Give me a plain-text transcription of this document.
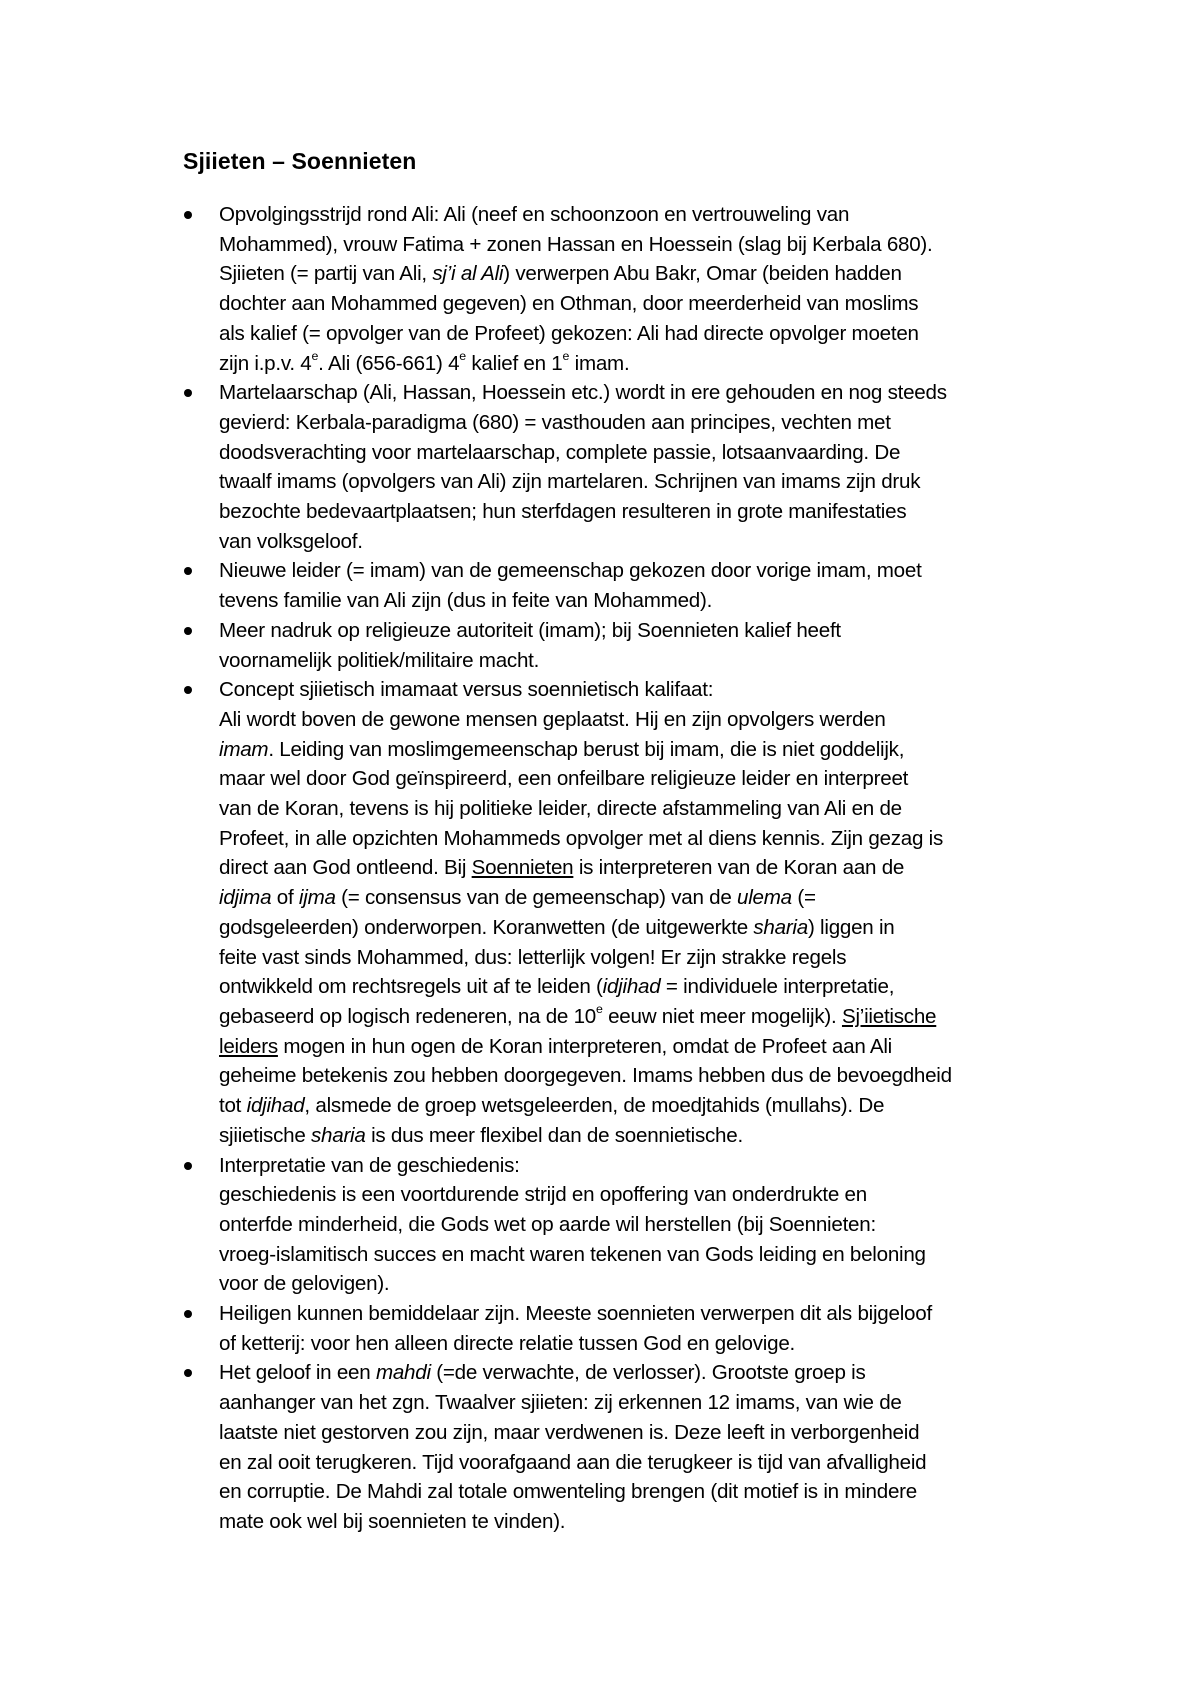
Sjiieten – Soennieten
Opvolgingsstrijd rond Ali: Ali (neef en schoonzoon en vertrouweling van
Mohammed), vrouw Fatima + zonen Hassan en Hoessein (slag bij Kerbala 680).
Sjiieten (= partij van Ali, sj’i al Ali) verwerpen Abu Bakr, Omar (beiden hadden
dochter aan Mohammed gegeven) en Othman, door meerderheid van moslims
als kalief (= opvolger van de Profeet) gekozen: Ali had directe opvolger moeten
zijn i.p.v. 4e. Ali (656-661) 4e kalief en 1e imam.
Martelaarschap (Ali, Hassan, Hoessein etc.) wordt in ere gehouden en nog steeds
gevierd: Kerbala-paradigma (680) = vasthouden aan principes, vechten met
doodsverachting voor martelaarschap, complete passie, lotsaanvaarding. De
twaalf imams (opvolgers van Ali) zijn martelaren. Schrijnen van imams zijn druk
bezochte bedevaartplaatsen; hun sterfdagen resulteren in grote manifestaties
van volksgeloof.
Nieuwe leider (= imam) van de gemeenschap gekozen door vorige imam, moet
tevens familie van Ali zijn (dus in feite van Mohammed).
Meer nadruk op religieuze autoriteit (imam); bij Soennieten kalief heeft
voornamelijk politiek/militaire macht.
Concept sjiietisch imamaat versus soennietisch kalifaat:
Ali wordt boven de gewone mensen geplaatst. Hij en zijn opvolgers werden
imam. Leiding van moslimgemeenschap berust bij imam, die is niet goddelijk,
maar wel door God geïnspireerd, een onfeilbare religieuze leider en interpreet
van de Koran, tevens is hij politieke leider, directe afstammeling van Ali en de
Profeet, in alle opzichten Mohammeds opvolger met al diens kennis. Zijn gezag is
direct aan God ontleend. Bij Soennieten is interpreteren van de Koran aan de
idjima of ijma (= consensus van de gemeenschap) van de ulema (=
godsgeleerden) onderworpen. Koranwetten (de uitgewerkte sharia) liggen in
feite vast sinds Mohammed, dus: letterlijk volgen! Er zijn strakke regels
ontwikkeld om rechtsregels uit af te leiden (idjihad = individuele interpretatie,
gebaseerd op logisch redeneren, na de 10e eeuw niet meer mogelijk). Sj’iietische
leiders mogen in hun ogen de Koran interpreteren, omdat de Profeet aan Ali
geheime betekenis zou hebben doorgegeven. Imams hebben dus de bevoegdheid
tot idjihad, alsmede de groep wetsgeleerden, de moedjtahids (mullahs). De
sjiietische sharia is dus meer flexibel dan de soennietische.
Interpretatie van de geschiedenis:
geschiedenis is een voortdurende strijd en opoffering van onderdrukte en
onterfde minderheid, die Gods wet op aarde wil herstellen (bij Soennieten:
vroeg-islamitisch succes en macht waren tekenen van Gods leiding en beloning
voor de gelovigen).
Heiligen kunnen bemiddelaar zijn. Meeste soennieten verwerpen dit als bijgeloof
of ketterij: voor hen alleen directe relatie tussen God en gelovige.
Het geloof in een mahdi (=de verwachte, de verlosser). Grootste groep is
aanhanger van het zgn. Twaalver sjiieten: zij erkennen 12 imams, van wie de
laatste niet gestorven zou zijn, maar verdwenen is. Deze leeft in verborgenheid
en zal ooit terugkeren. Tijd voorafgaand aan die terugkeer is tijd van afvalligheid
en corruptie. De Mahdi zal totale omwenteling brengen (dit motief is in mindere
mate ook wel bij soennieten te vinden).
